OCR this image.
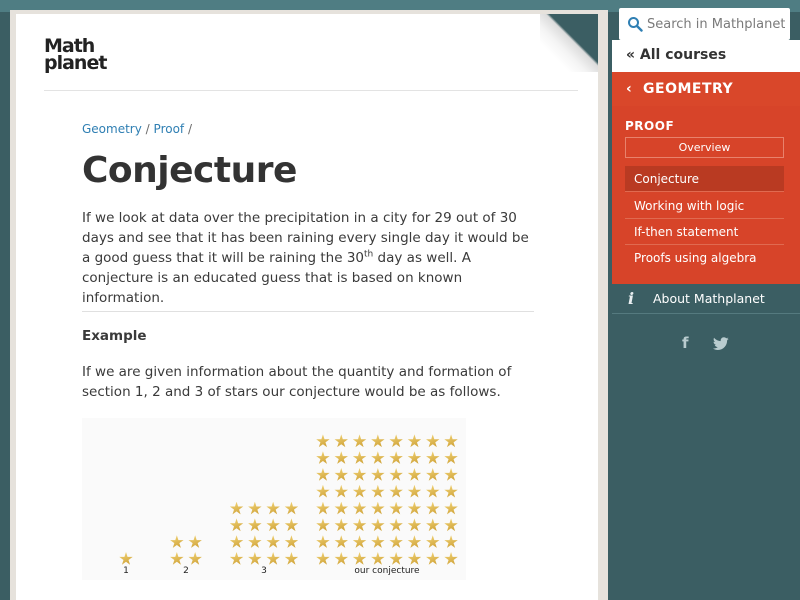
Math
planet
Geometry / Proof /
Conjecture

If we look at data over the precipitation in a city for 29 out of 30 days and see that it has been raining every single day it would be a good guess that it will be raining the 30th day as well. A conjecture is an educated guess that is based on known information.

Example

If we are given information about the quantity and formation of section 1, 2 and 3 of stars our conjecture would be as follows.

1	2	3	our conjecture
Search in Mathplanet
« All courses
‹  GEOMETRY
PROOF
Overview
Conjecture
Working with logic
If-then statement
Proofs using algebra
i About Mathplanet
f
